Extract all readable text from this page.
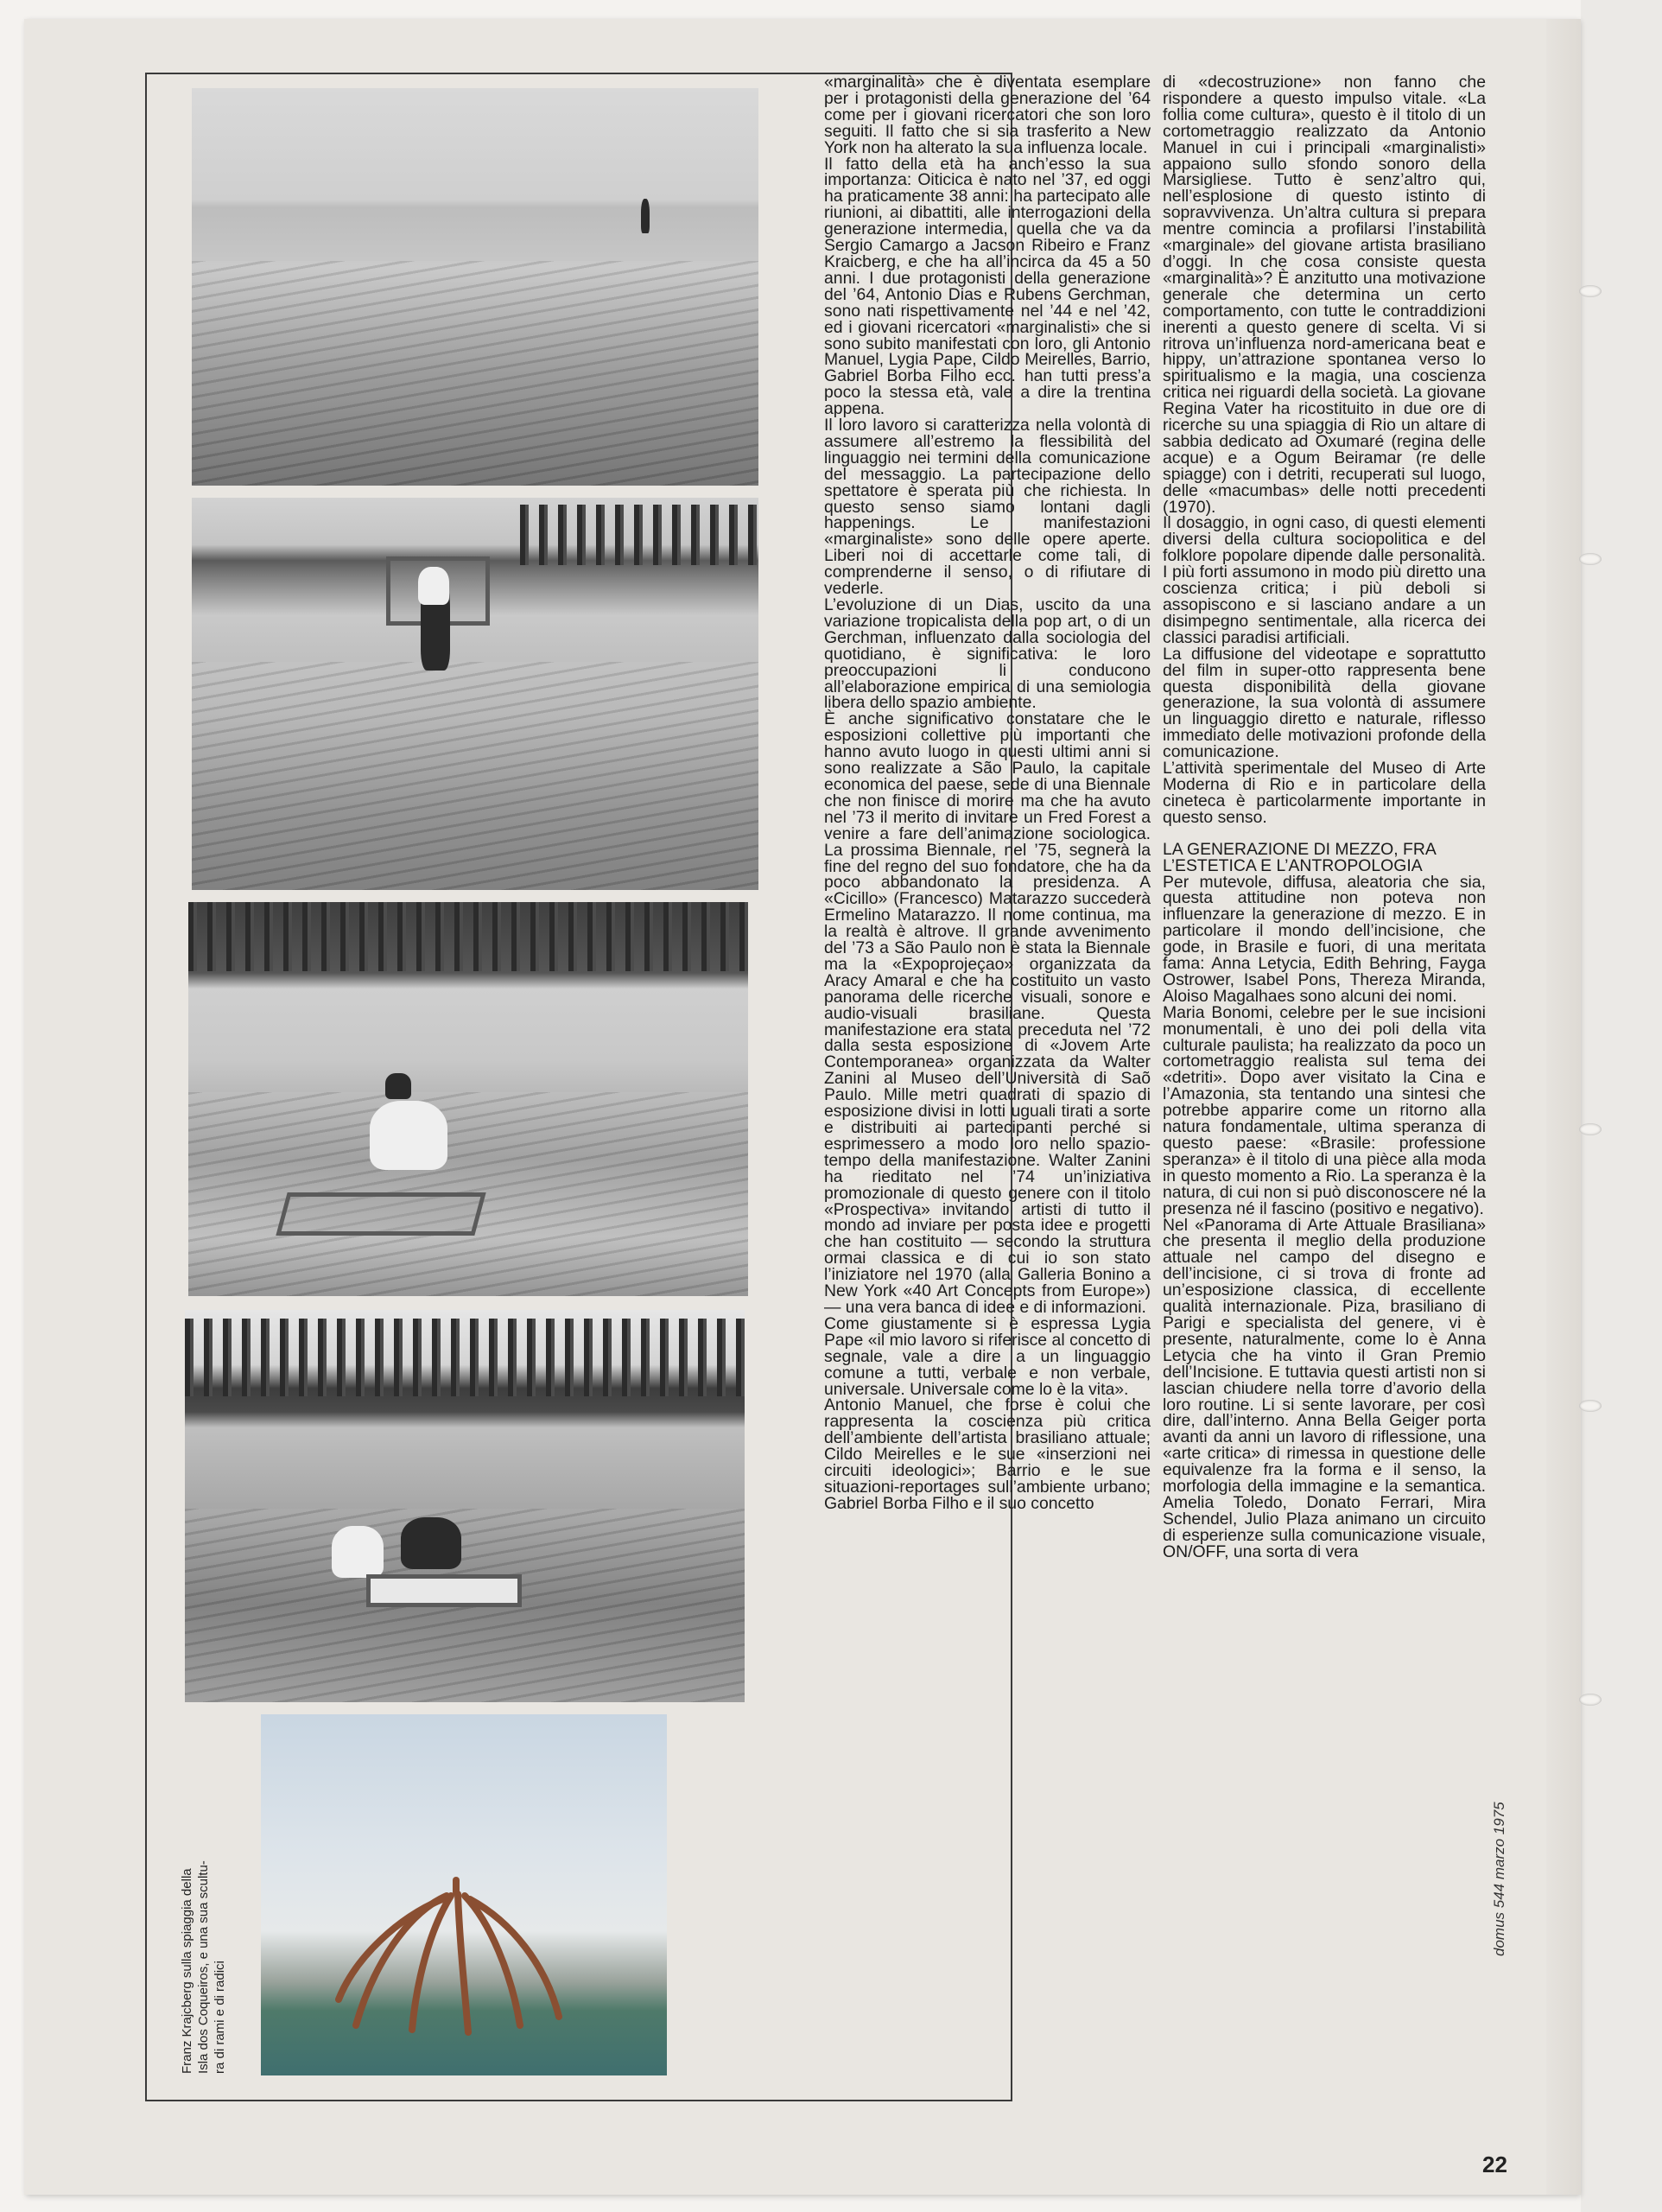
Franz Krajcberg sulla spiaggia della
Isla dos Coqueiros, e una sua scultu-
ra di rami e di radici

«marginalità» che è diventata esemplare per i protagonisti della generazione del ’64 come per i giovani ricercatori che son loro seguiti. Il fatto che si sia trasferito a New York non ha alterato la sua influenza locale.

Il fatto della età ha anch’esso la sua importanza: Oiticica è nato nel ’37, ed oggi ha praticamente 38 anni: ha partecipato alle riunioni, ai dibattiti, alle interrogazioni della generazione intermedia, quella che va da Sergio Camargo a Jacson Ribeiro e Franz Kraicberg, e che ha all’incirca da 45 a 50 anni. I due protagonisti della generazione del ’64, Antonio Dias e Rubens Gerchman, sono nati rispettivamente nel ’44 e nel ’42, ed i giovani ricercatori «marginalisti» che si sono subito manifestati con loro, gli Antonio Manuel, Lygia Pape, Cildo Meirelles, Barrio, Gabriel Borba Filho ecc. han tutti press’a poco la stessa età, vale a dire la trentina appena.

Il loro lavoro si caratterizza nella volontà di assumere all’estremo la flessibilità del linguaggio nei termini della comunicazione del messaggio. La partecipazione dello spettatore è sperata più che richiesta. In questo senso siamo lontani dagli happenings. Le manifestazioni «marginaliste» sono delle opere aperte. Liberi noi di accettarle come tali, di comprenderne il senso, o di rifiutare di vederle.

L’evoluzione di un Dias, uscito da una variazione tropicalista della pop art, o di un Gerchman, influenzato dalla sociologia del quotidiano, è significativa: le loro preoccupazioni li conducono all’elaborazione empirica di una semiologia libera dello spazio ambiente.

È anche significativo constatare che le esposizioni collettive più importanti che hanno avuto luogo in questi ultimi anni si sono realizzate a São Paulo, la capitale economica del paese, sede di una Biennale che non finisce di morire ma che ha avuto nel ’73 il merito di invitare un Fred Forest a venire a fare dell’animazione sociologica. La prossima Biennale, nel ’75, segnerà la fine del regno del suo fondatore, che ha da poco abbandonato la presidenza. A «Cicillo» (Francesco) Matarazzo succederà Ermelino Matarazzo. Il nome continua, ma la realtà è altrove. Il grande avvenimento del ’73 a São Paulo non è stata la Biennale ma la «Expoprojeçao» organizzata da Aracy Amaral e che ha costituito un vasto panorama delle ricerche visuali, sonore e audio-visuali brasiliane. Questa manifestazione era stata preceduta nel ’72 dalla sesta esposizione di «Jovem Arte Contemporanea» organizzata da Walter Zanini al Museo dell’Università di Saõ Paulo. Mille metri quadrati di spazio di esposizione divisi in lotti uguali tirati a sorte e distribuiti ai partecipanti perché si esprimessero a modo loro nello spazio-tempo della manifestazione. Walter Zanini ha rieditato nel ’74 un’iniziativa promozionale di questo genere con il titolo «Prospectiva» invitando artisti di tutto il mondo ad inviare per posta idee e progetti che han costituito — secondo la struttura ormai classica e di cui io son stato l’iniziatore nel 1970 (alla Galleria Bonino a New York «40 Art Concepts from Europe») — una vera banca di idee e di informazioni.

Come giustamente si è espressa Lygia Pape «il mio lavoro si riferisce al concetto di segnale, vale a dire a un linguaggio comune a tutti, verbale e non verbale, universale. Universale come lo è la vita».

Antonio Manuel, che forse è colui che rappresenta la coscienza più critica dell’ambiente dell’artista brasiliano attuale; Cildo Meirelles e le sue «inserzioni nei circuiti ideologici»; Barrio e le sue situazioni-reportages sull’ambiente urbano; Gabriel Borba Filho e il suo concetto

di «decostruzione» non fanno che rispondere a questo impulso vitale. «La follia come cultura», questo è il titolo di un cortometraggio realizzato da Antonio Manuel in cui i principali «marginalisti» appaiono sullo sfondo sonoro della Marsigliese. Tutto è senz’altro qui, nell’esplosione di questo istinto di sopravvivenza. Un’altra cultura si prepara mentre comincia a profilarsi l’instabilità «marginale» del giovane artista brasiliano d’oggi. In che cosa consiste questa «marginalità»? È anzitutto una motivazione generale che determina un certo comportamento, con tutte le contraddizioni inerenti a questo genere di scelta. Vi si ritrova un’influenza nord-americana beat e hippy, un’attrazione spontanea verso lo spiritualismo e la magia, una coscienza critica nei riguardi della società. La giovane Regina Vater ha ricostituito in due ore di ricerche su una spiaggia di Rio un altare di sabbia dedicato ad Oxumaré (regina delle acque) e a Ogum Beiramar (re delle spiagge) con i detriti, recuperati sul luogo, delle «macumbas» delle notti precedenti (1970).

Il dosaggio, in ogni caso, di questi elementi diversi della cultura sociopolitica e del folklore popolare dipende dalle personalità. I più forti assumono in modo più diretto una coscienza critica; i più deboli si assopiscono e si lasciano andare a un disimpegno sentimentale, alla ricerca dei classici paradisi artificiali.

La diffusione del videotape e soprattutto del film in super-otto rappresenta bene questa disponibilità della giovane generazione, la sua volontà di assumere un linguaggio diretto e naturale, riflesso immediato delle motivazioni profonde della comunicazione.

L’attività sperimentale del Museo di Arte Moderna di Rio e in particolare della cineteca è particolarmente importante in questo senso.

LA GENERAZIONE DI MEZZO, FRA

L’ESTETICA E L’ANTROPOLOGIA

Per mutevole, diffusa, aleatoria che sia, questa attitudine non poteva non influenzare la generazione di mezzo. E in particolare il mondo dell’incisione, che gode, in Brasile e fuori, di una meritata fama: Anna Letycia, Edith Behring, Fayga Ostrower, Isabel Pons, Thereza Miranda, Aloiso Magalhaes sono alcuni dei nomi.

Maria Bonomi, celebre per le sue incisioni monumentali, è uno dei poli della vita culturale paulista; ha realizzato da poco un cortometraggio realista sul tema dei «detriti». Dopo aver visitato la Cina e l’Amazonia, sta tentando una sintesi che potrebbe apparire come un ritorno alla natura fondamentale, ultima speranza di questo paese: «Brasile: professione speranza» è il titolo di una pièce alla moda in questo momento a Rio. La speranza è la natura, di cui non si può disconoscere né la presenza né il fascino (positivo e negativo).

Nel «Panorama di Arte Attuale Brasiliana» che presenta il meglio della produzione attuale nel campo del disegno e dell’incisione, ci si trova di fronte ad un’esposizione classica, di eccellente qualità internazionale. Piza, brasiliano di Parigi e specialista del genere, vi è presente, naturalmente, come lo è Anna Letycia che ha vinto il Gran Premio dell’Incisione. E tuttavia questi artisti non si lascian chiudere nella torre d’avorio della loro routine. Li si sente lavorare, per così dire, dall’interno. Anna Bella Geiger porta avanti da anni un lavoro di riflessione, una «arte critica» di rimessa in questione delle equivalenze fra la forma e il senso, la morfologia della immagine e la semantica. Amelia Toledo, Donato Ferrari, Mira Schendel, Julio Plaza animano un circuito di esperienze sulla comunicazione visuale, ON/OFF, una sorta di vera

domus 544 marzo 1975
22
